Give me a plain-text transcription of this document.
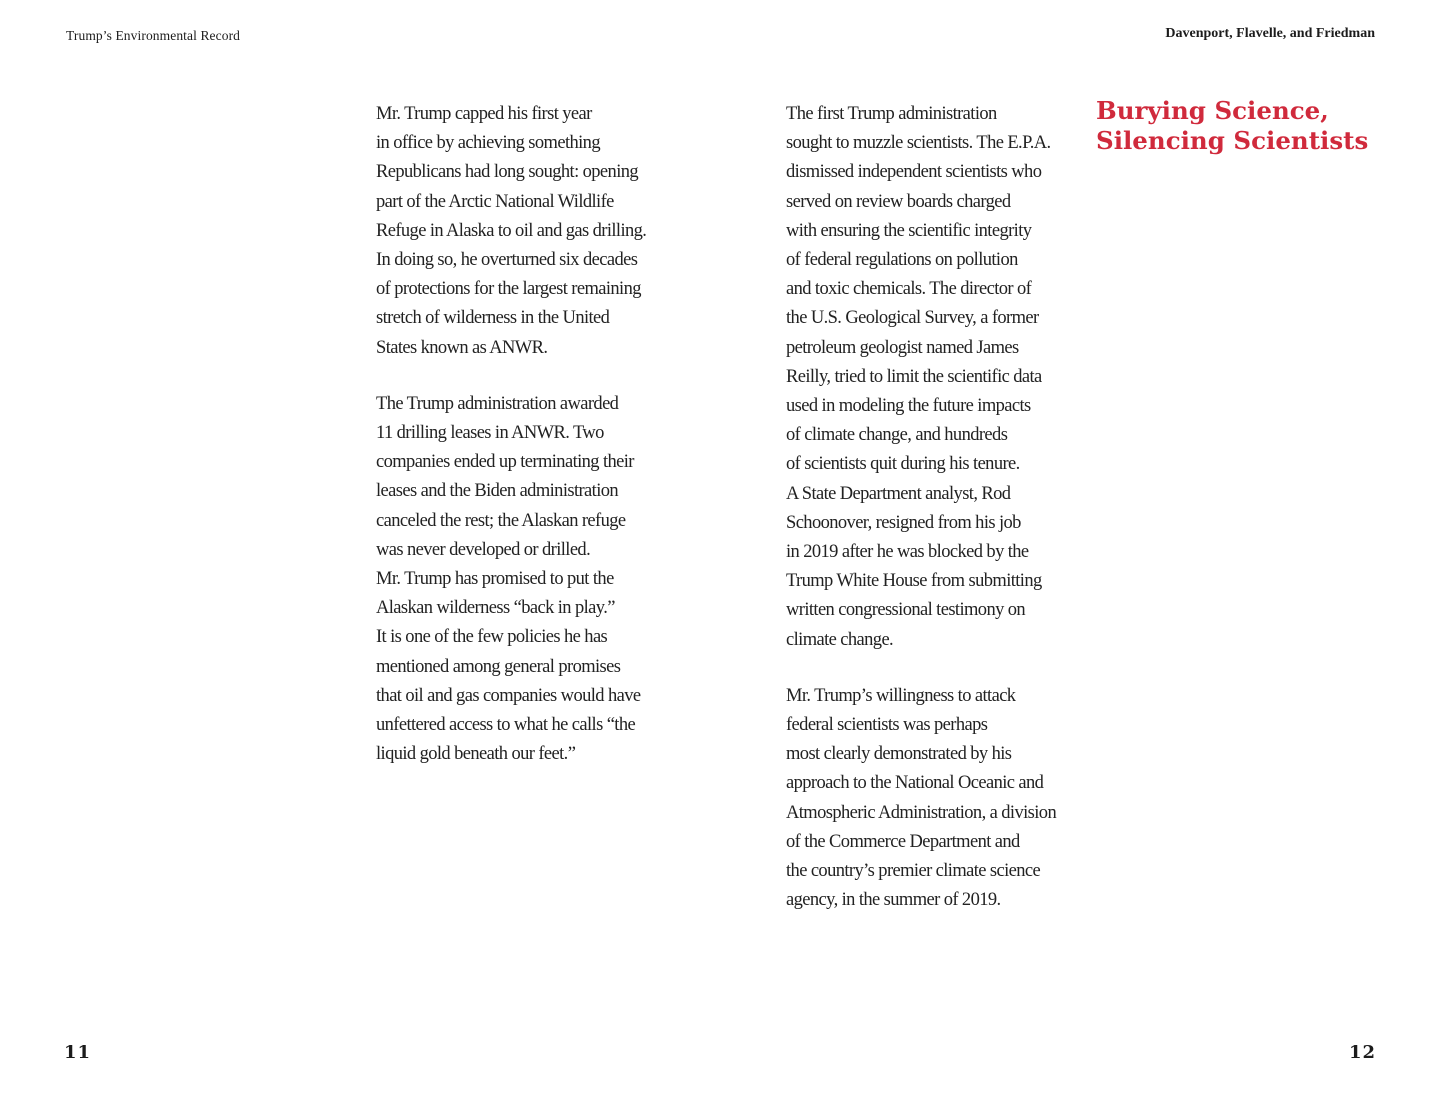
Trump’s Environmental Record	Davenport, Flavelle, and Friedman
Mr. Trump capped his first year
in office by achieving something
Republicans had long sought: opening
part of the Arctic National Wildlife
Refuge in Alaska to oil and gas drilling.
In doing so, he overturned six decades
of protections for the largest remaining
stretch of wilderness in the United
States known as ANWR.
The Trump administration awarded
11 drilling leases in ANWR. Two
companies ended up terminating their
leases and the Biden administration
canceled the rest; the Alaskan refuge
was never developed or drilled.
Mr. Trump has promised to put the
Alaskan wilderness “back in play.”
It is one of the few policies he has
mentioned among general promises
that oil and gas companies would have
unfettered access to what he calls “the
liquid gold beneath our feet.”
The first Trump administration
sought to muzzle scientists. The E.P.A.
dismissed independent scientists who
served on review boards charged
with ensuring the scientific integrity
of federal regulations on pollution
and toxic chemicals. The director of
the U.S. Geological Survey, a former
petroleum geologist named James
Reilly, tried to limit the scientific data
used in modeling the future impacts
of climate change, and hundreds
of scientists quit during his tenure.
A State Department analyst, Rod
Schoonover, resigned from his job
in 2019 after he was blocked by the
Trump White House from submitting
written congressional testimony on
climate change.
Mr. Trump’s willingness to attack
federal scientists was perhaps
most clearly demonstrated by his
approach to the National Oceanic and
Atmospheric Administration, a division
of the Commerce Department and
the country’s premier climate science
agency, in the summer of 2019.
Burying Science,
Silencing Scientists
11	12
